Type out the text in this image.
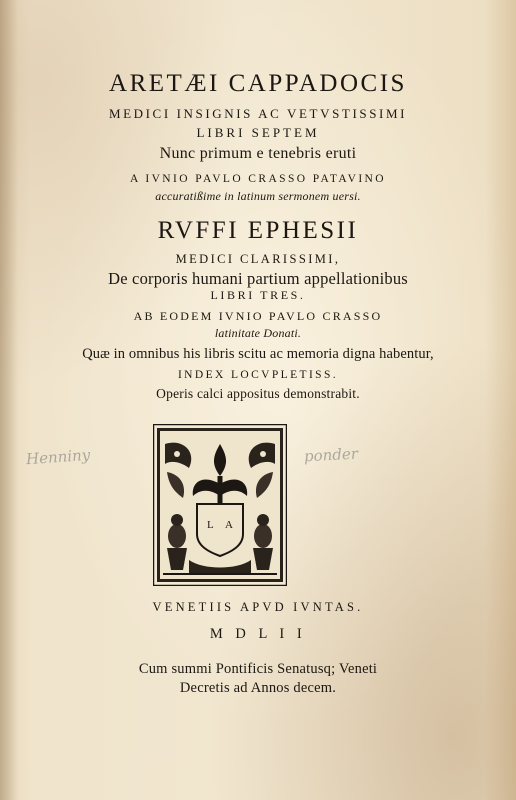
ARETÆI CAPPADOCIS
MEDICI INSIGNIS AC VETVSTISSIMI
LIBRI SEPTEM
Nunc primum e tenebris eruti
A IVNIO PAVLO CRASSO PATAVINO
accuratißime in latinum sermonem uersi.
RVFFI EPHESII
MEDICI CLARISSIMI,
De corporis humani partium appellationibus
LIBRI TRES.
AB EODEM IVNIO PAVLO CRASSO
latinitate Donati.
Quæ in omnibus his libris scitu ac memoria digna habentur,
INDEX LOCVPLETISS.
Operis calci appositus demonstrabit.
Henniny	ponder
L A
VENETIIS APVD IVNTAS.
M D L I I
Cum summi Pontificis Senatusq; Veneti
Decretis ad Annos decem.
